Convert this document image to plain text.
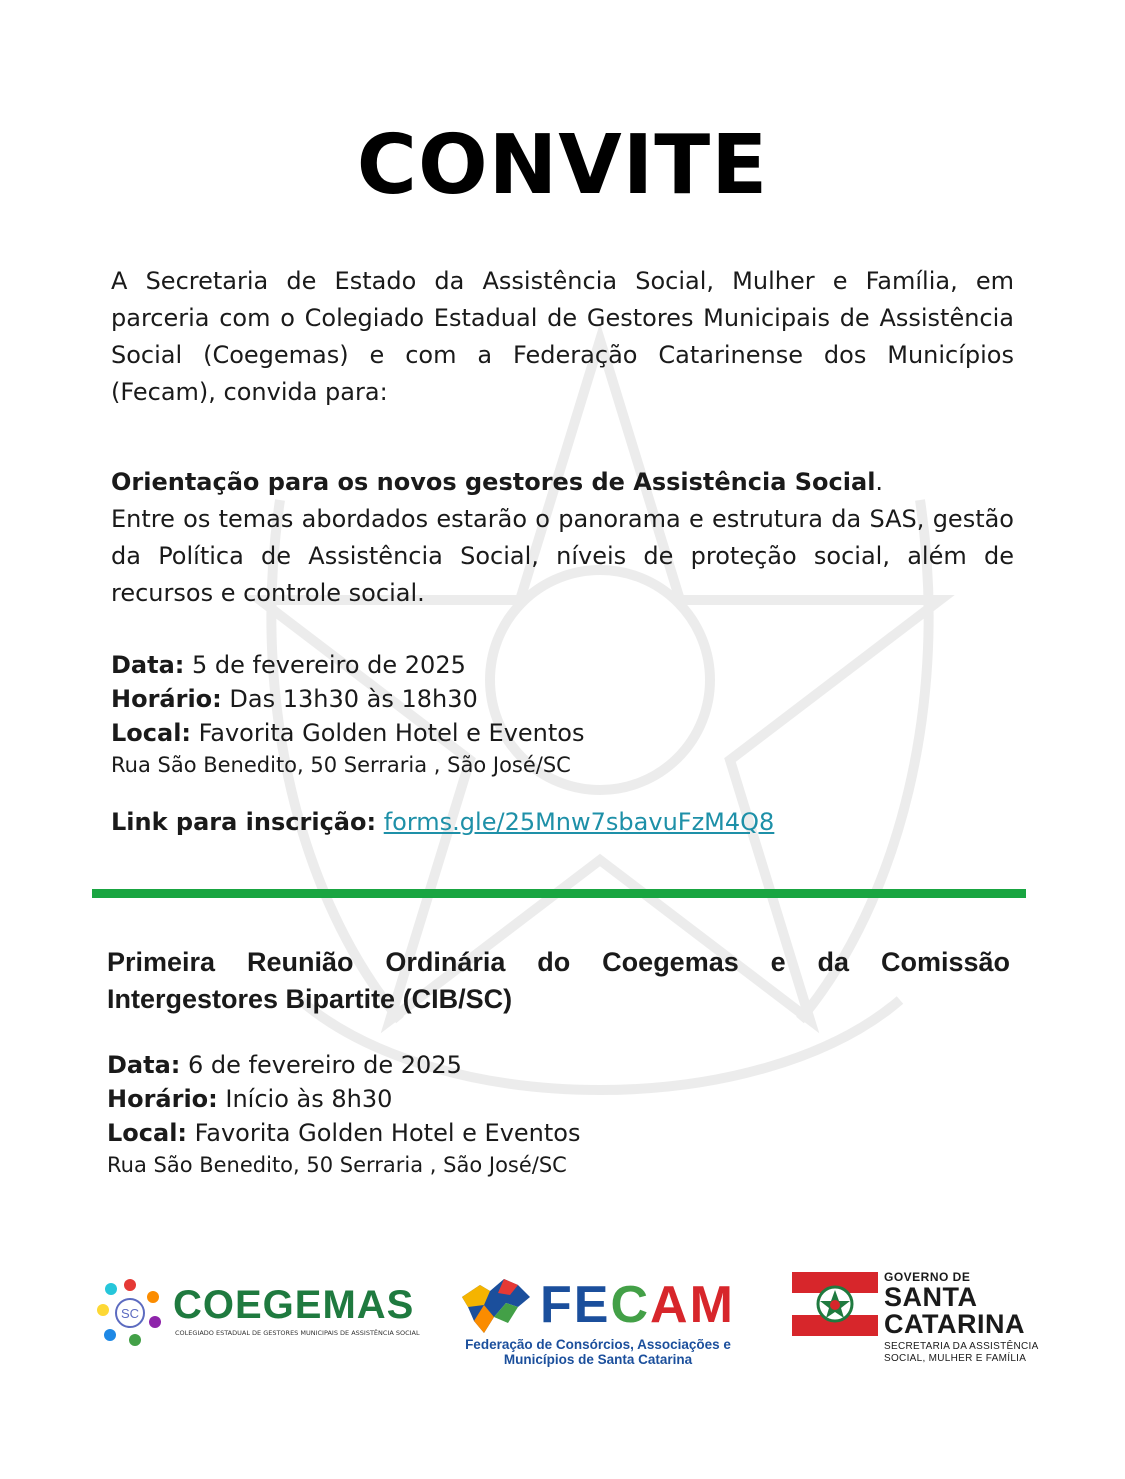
CONVITE

A Secretaria de Estado da Assistência Social, Mulher e Família, em parceria com o Colegiado Estadual de Gestores Municipais de Assistência Social (Coegemas) e com a Federação Catarinense dos Municípios (Fecam), convida para:

Orientação para os novos gestores de Assistência Social.
Entre os temas abordados estarão o panorama e estrutura da SAS, gestão da Política de Assistência Social, níveis de proteção social, além de recursos e controle social.
Data: 5 de fevereiro de 2025
Horário: Das 13h30 às 18h30
Local: Favorita Golden Hotel e Eventos
Rua São Benedito, 50 Serraria , São José/SC
Link para inscrição: forms.gle/25Mnw7sbavuFzM4Q8

Primeira Reunião Ordinária do Coegemas e da Comissão Intergestores Bipartite (CIB/SC)

Data: 6 de fevereiro de 2025
Horário: Início às 8h30
Local: Favorita Golden Hotel e Eventos
Rua São Benedito, 50 Serraria , São José/SC
SC COEGEMAS
COLEGIADO ESTADUAL DE GESTORES MUNICIPAIS DE ASSISTÊNCIA SOCIAL FECAM
Federação de Consórcios, Associações e
Municípios de Santa Catarina
GOVERNO DE
SANTA
CATARINA
SECRETARIA DA ASSISTÊNCIA
SOCIAL, MULHER E FAMÍLIA
